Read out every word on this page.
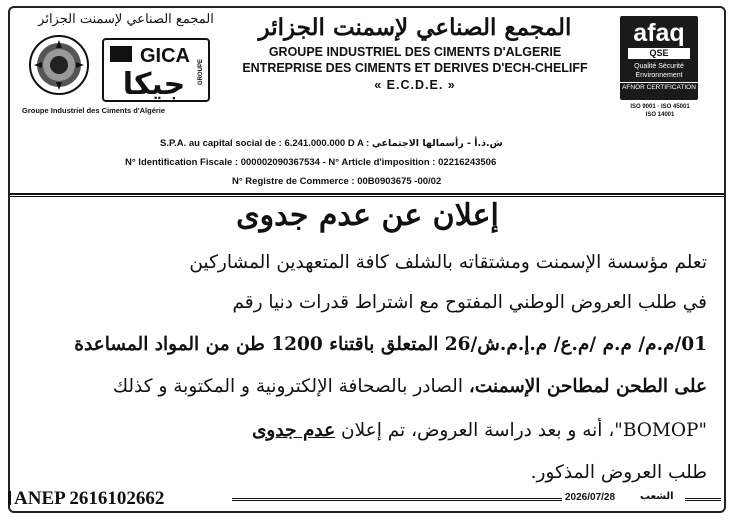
المجمع الصناعي لإسمنت الجزائر
GICA
جيكا GROUPE
Groupe Industriel des Ciments d'Algérie
المجمع الصناعي لإسمنت الجزائر
GROUPE INDUSTRIEL DES CIMENTS D'ALGERIE
ENTREPRISE DES CIMENTS ET DERIVES D'ECH-CHELIFF
« E.C.D.E. »
afaq
QSE
Qualité Sécurité
Environnement
AFNOR CERTIFICATION
ISO 9001 · ISO 45001
ISO 14001
S.P.A. au capital social de : 6.241.000.000 D A : ش.ذ.أ - رأسمالها الاجتماعي
N° Identification Fiscale : 000002090367534 - N° Article d'imposition : 02216243506
N° Registre de Commerce : 00B0903675 -00/02
إعلان عن عدم جدوى
تعلم مؤسسة الإسمنت ومشتقاته بالشلف كافة المتعهدين المشاركين
في طلب العروض الوطني المفتوح مع اشتراط قدرات دنيا رقم
01/م.م/ م.م /م.ع/ م.إ.م.ش/26 المتعلق باقتناء 1200 طن من المواد المساعدة
على الطحن لمطاحن الإسمنت، الصادر بالصحافة الإلكترونية و المكتوبة و كذلك
"BOMOP"، أنه و بعد دراسة العروض، تم إعلان عدم جدوى
طلب العروض المذكور.
ANEP 2616102662	2026/07/28 الشعب
